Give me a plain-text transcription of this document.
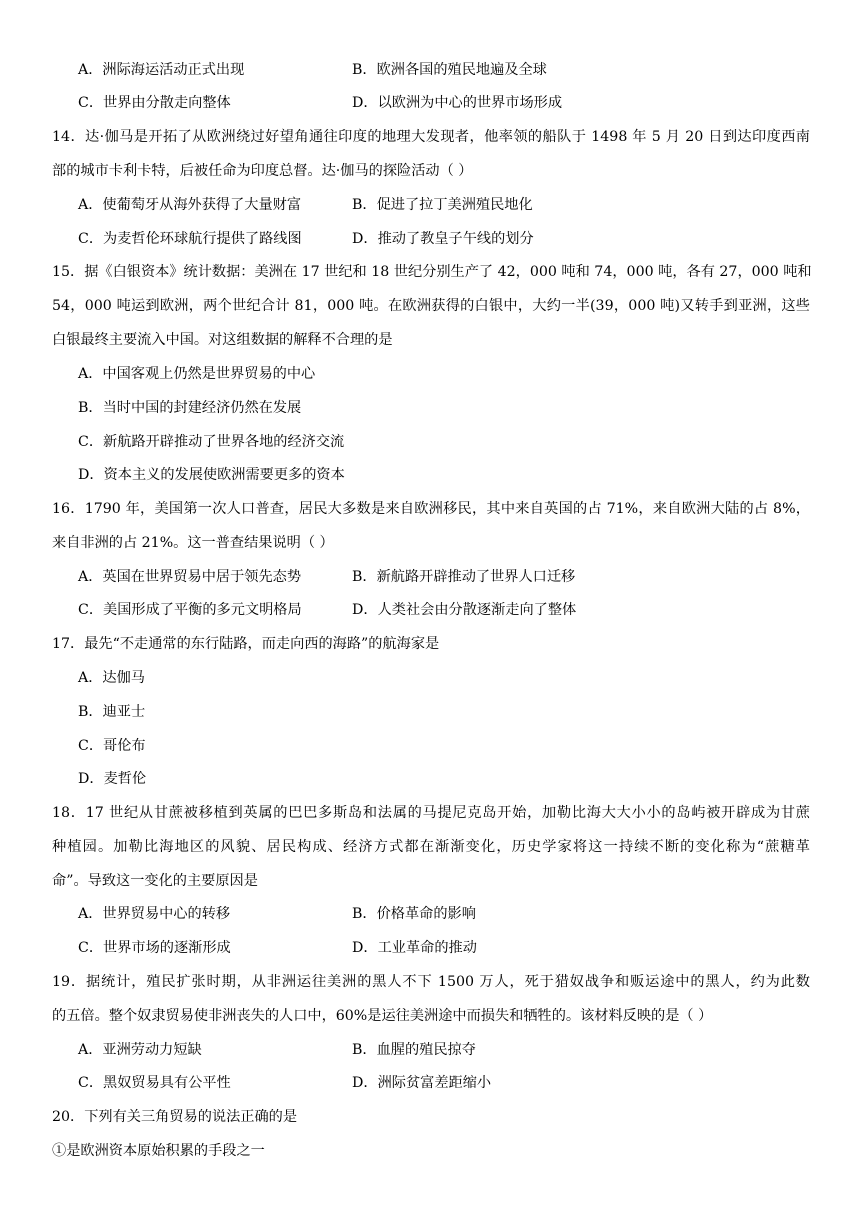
A．洲际海运活动正式出现	B．欧洲各国的殖民地遍及全球
C．世界由分散走向整体	D．以欧洲为中心的世界市场形成
14．达·伽马是开拓了从欧洲绕过好望角通往印度的地理大发现者，他率领的船队于 1498 年 5 月 20 日到达印度西南
部的城市卡利卡特，后被任命为印度总督。达·伽马的探险活动（ ）
A．使葡萄牙从海外获得了大量财富	B．促进了拉丁美洲殖民地化
C．为麦哲伦环球航行提供了路线图	D．推动了教皇子午线的划分
15．据《白银资本》统计数据：美洲在 17 世纪和 18 世纪分别生产了 42，000 吨和 74，000 吨，各有 27，000 吨和
54，000 吨运到欧洲，两个世纪合计 81，000 吨。在欧洲获得的白银中，大约一半(39，000 吨)又转手到亚洲，这些
白银最终主要流入中国。对这组数据的解释不合理的是
A．中国客观上仍然是世界贸易的中心
B．当时中国的封建经济仍然在发展
C．新航路开辟推动了世界各地的经济交流
D．资本主义的发展使欧洲需要更多的资本
16．1790 年，美国第一次人口普查，居民大多数是来自欧洲移民，其中来自英国的占 71%，来自欧洲大陆的占 8%，
来自非洲的占 21%。这一普查结果说明（ ）
A．英国在世界贸易中居于领先态势	B．新航路开辟推动了世界人口迁移
C．美国形成了平衡的多元文明格局	D．人类社会由分散逐渐走向了整体
17．最先“不走通常的东行陆路，而走向西的海路”的航海家是
A．达伽马
B．迪亚士
C．哥伦布
D．麦哲伦
18．17 世纪从甘蔗被移植到英属的巴巴多斯岛和法属的马提尼克岛开始，加勒比海大大小小的岛屿被开辟成为甘蔗
种植园。加勒比海地区的风貌、居民构成、经济方式都在渐渐变化，历史学家将这一持续不断的变化称为“蔗糖革
命”。导致这一变化的主要原因是
A．世界贸易中心的转移	B．价格革命的影响
C．世界市场的逐渐形成	D．工业革命的推动
19．据统计，殖民扩张时期，从非洲运往美洲的黑人不下 1500 万人，死于猎奴战争和贩运途中的黑人，约为此数
的五倍。整个奴隶贸易使非洲丧失的人口中，60%是运往美洲途中而损失和牺牲的。该材料反映的是（ ）
A．亚洲劳动力短缺	B．血腥的殖民掠夺
C．黑奴贸易具有公平性	D．洲际贫富差距缩小
20．下列有关三角贸易的说法正确的是
①是欧洲资本原始积累的手段之一
